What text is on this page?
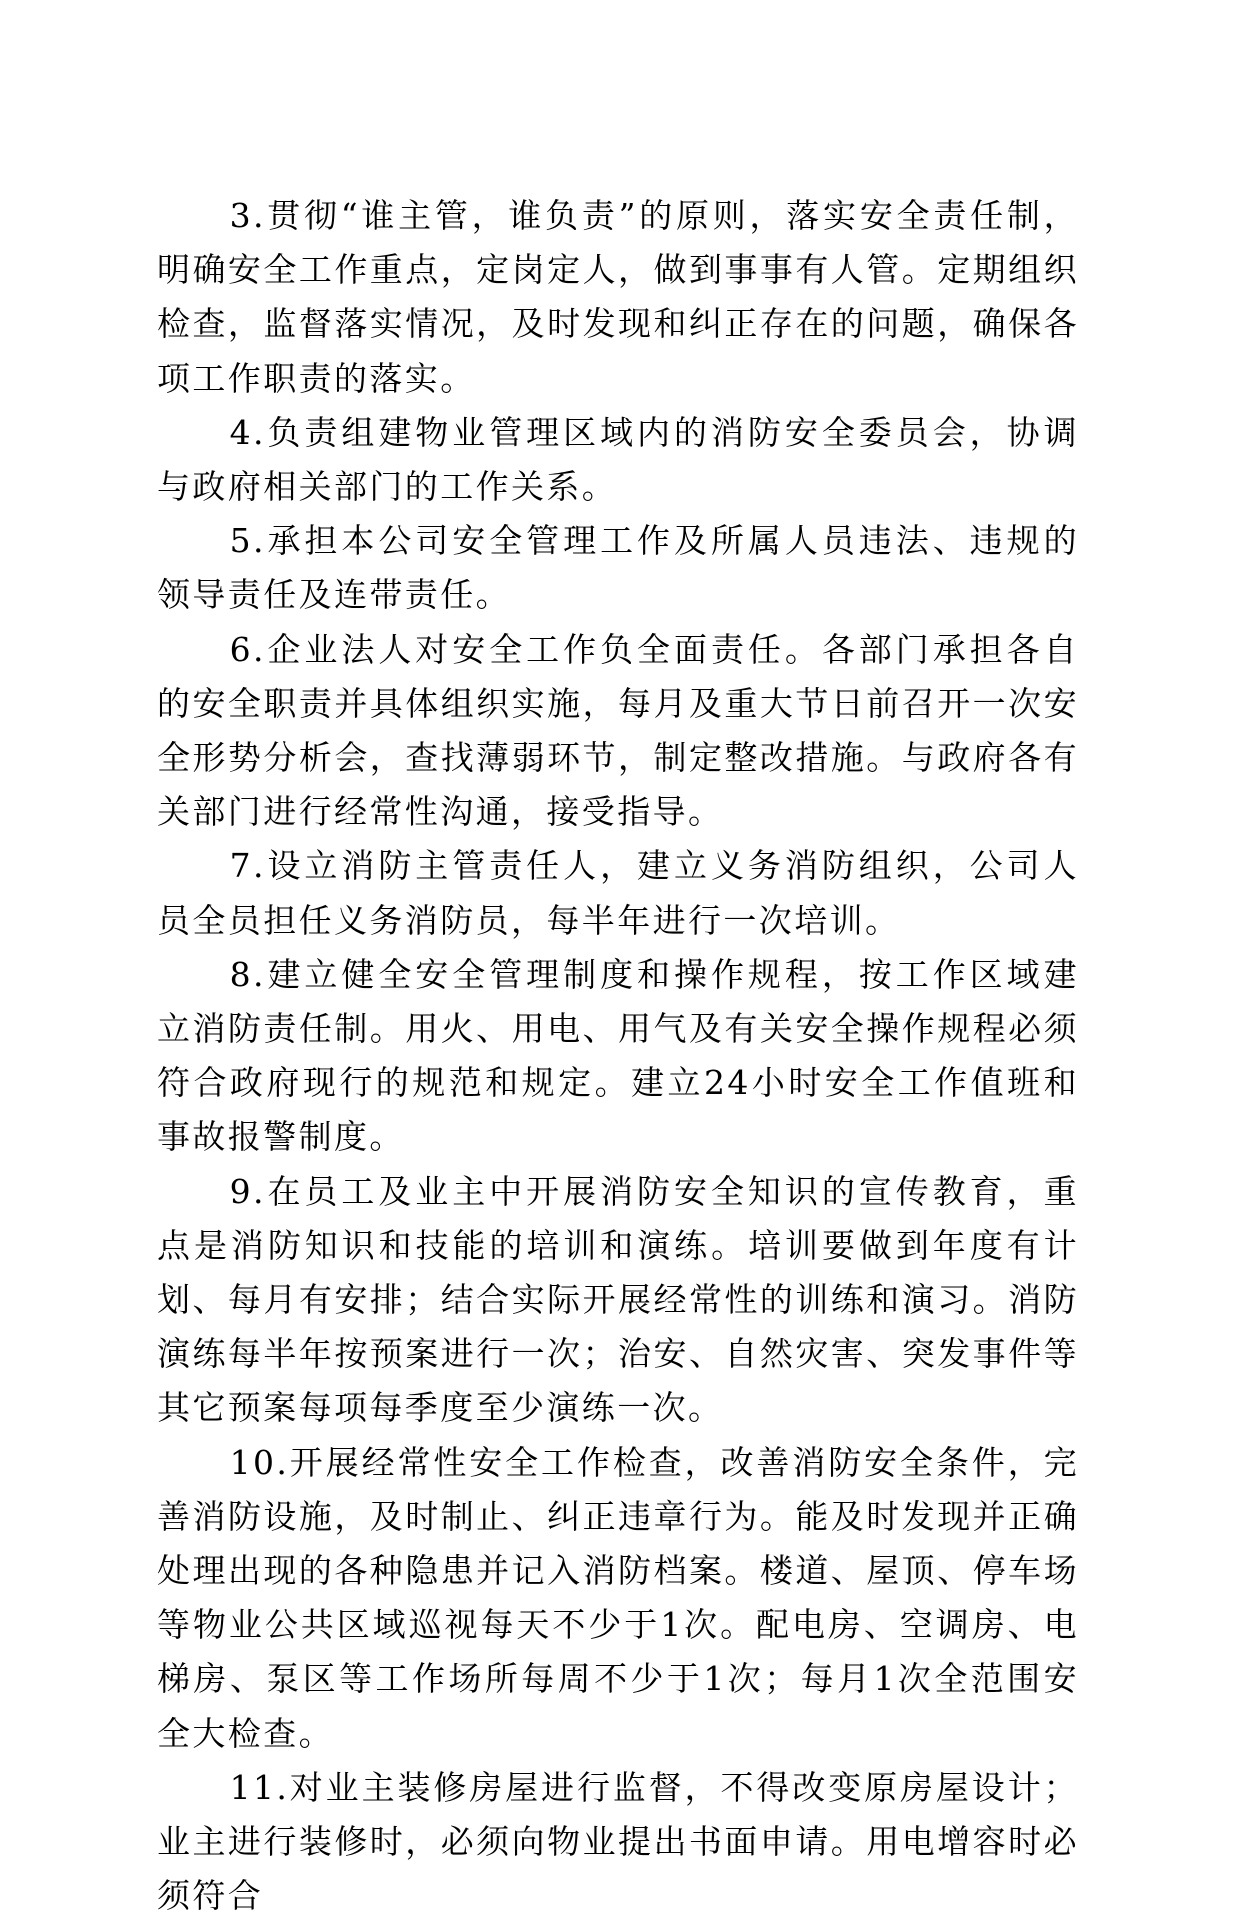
3.贯彻“谁主管，谁负责”的原则，落实安全责任制，明确安全工作重点，定岗定人，做到事事有人管。定期组织检查，监督落实情况，及时发现和纠正存在的问题，确保各项工作职责的落实。

4.负责组建物业管理区域内的消防安全委员会，协调与政府相关部门的工作关系。

5.承担本公司安全管理工作及所属人员违法、违规的领导责任及连带责任。

6.企业法人对安全工作负全面责任。各部门承担各自的安全职责并具体组织实施，每月及重大节日前召开一次安全形势分析会，查找薄弱环节，制定整改措施。与政府各有关部门进行经常性沟通，接受指导。

7.设立消防主管责任人，建立义务消防组织，公司人员全员担任义务消防员，每半年进行一次培训。

8.建立健全安全管理制度和操作规程，按工作区域建立消防责任制。用火、用电、用气及有关安全操作规程必须符合政府现行的规范和规定。建立24小时安全工作值班和事故报警制度。

9.在员工及业主中开展消防安全知识的宣传教育，重点是消防知识和技能的培训和演练。培训要做到年度有计划、每月有安排；结合实际开展经常性的训练和演习。消防演练每半年按预案进行一次；治安、自然灾害、突发事件等其它预案每项每季度至少演练一次。

10.开展经常性安全工作检查，改善消防安全条件，完善消防设施，及时制止、纠正违章行为。能及时发现并正确处理出现的各种隐患并记入消防档案。楼道、屋顶、停车场等物业公共区域巡视每天不少于1次。配电房、空调房、电梯房、泵区等工作场所每周不少于1次；每月1次全范围安全大检查。

11.对业主装修房屋进行监督，不得改变原房屋设计；业主进行装修时，必须向物业提出书面申请。用电增容时必须符合
